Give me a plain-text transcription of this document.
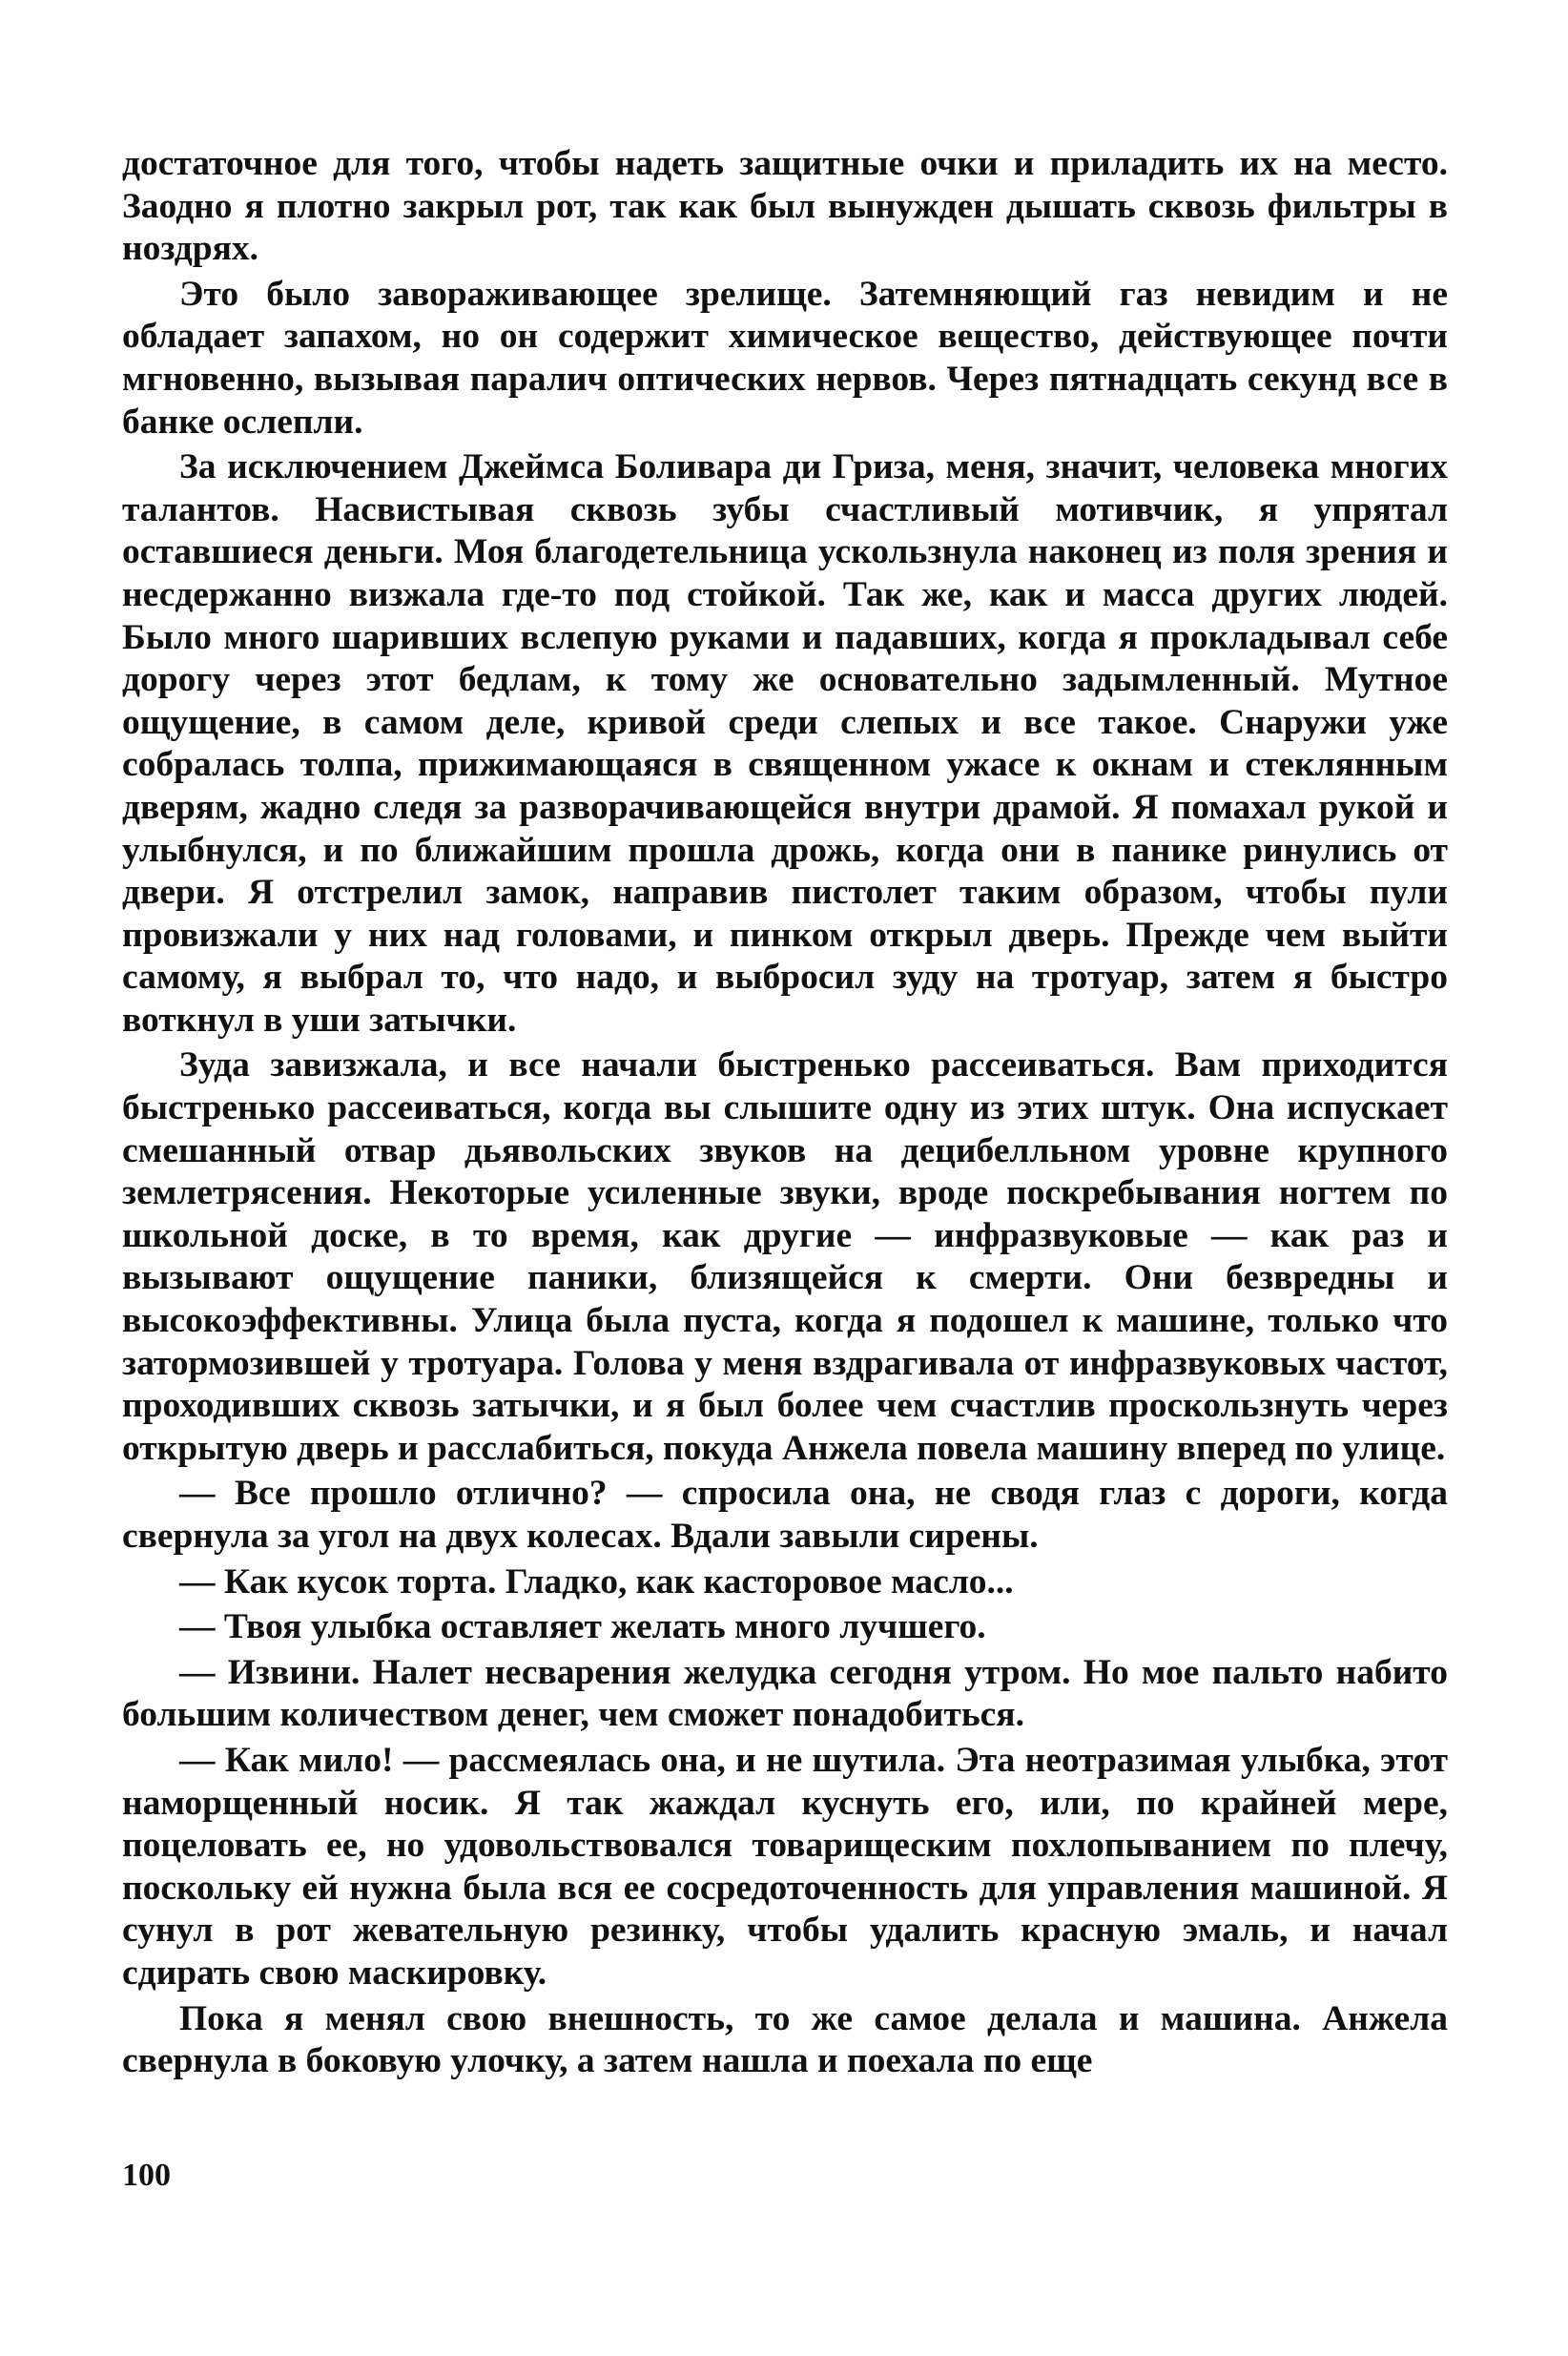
достаточное для того, чтобы надеть защитные очки и приладить их на место. Заодно я плотно закрыл рот, так как был вынужден дышать сквозь фильтры в ноздрях.

Это было завораживающее зрелище. Затемняющий газ невидим и не обладает запахом, но он содержит химическое вещество, действующее почти мгновенно, вызывая паралич оптических нервов. Через пятнадцать секунд все в банке ослепли.

За исключением Джеймса Боливара ди Гриза, меня, значит, человека многих талантов. Насвистывая сквозь зубы счастливый мотивчик, я упрятал оставшиеся деньги. Моя благодетельница ускользнула наконец из поля зрения и несдержанно визжала где-то под стойкой. Так же, как и масса других людей. Было много шаривших вслепую руками и падавших, когда я прокладывал себе дорогу через этот бедлам, к тому же основательно задымленный. Мутное ощущение, в самом деле, кривой среди слепых и все такое. Снаружи уже собралась толпа, прижимающаяся в священном ужасе к окнам и стеклянным дверям, жадно следя за разворачивающейся внутри драмой. Я помахал рукой и улыбнулся, и по ближайшим прошла дрожь, когда они в панике ринулись от двери. Я отстрелил замок, направив пистолет таким образом, чтобы пули провизжали у них над головами, и пинком открыл дверь. Прежде чем выйти самому, я выбрал то, что надо, и выбросил зуду на тротуар, затем я быстро воткнул в уши затычки.

Зуда завизжала, и все начали быстренько рассеиваться. Вам приходится быстренько рассеиваться, когда вы слышите одну из этих штук. Она испускает смешанный отвар дьявольских звуков на децибелльном уровне крупного землетрясения. Некоторые усиленные звуки, вроде поскребывания ногтем по школьной доске, в то время, как другие — инфразвуковые — как раз и вызывают ощущение паники, близящейся к смерти. Они безвредны и высокоэффективны. Улица была пуста, когда я подошел к машине, только что затормозившей у тротуара. Голова у меня вздрагивала от инфразвуковых частот, проходивших сквозь затычки, и я был более чем счастлив проскользнуть через открытую дверь и расслабиться, покуда Анжела повела машину вперед по улице.

— Все прошло отлично? — спросила она, не сводя глаз с дороги, когда свернула за угол на двух колесах. Вдали завыли сирены.

— Как кусок торта. Гладко, как касторовое масло...

— Твоя улыбка оставляет желать много лучшего.

— Извини. Налет несварения желудка сегодня утром. Но мое пальто набито большим количеством денег, чем сможет понадобиться.

— Как мило! — рассмеялась она, и не шутила. Эта неотразимая улыбка, этот наморщенный носик. Я так жаждал куснуть его, или, по крайней мере, поцеловать ее, но удовольствовался товарищеским похлопыванием по плечу, поскольку ей нужна была вся ее сосредоточенность для управления машиной. Я сунул в рот жевательную резинку, чтобы удалить красную эмаль, и начал сдирать свою маскировку.

Пока я менял свою внешность, то же самое делала и машина. Анжела свернула в боковую улочку, а затем нашла и поехала по еще

100
